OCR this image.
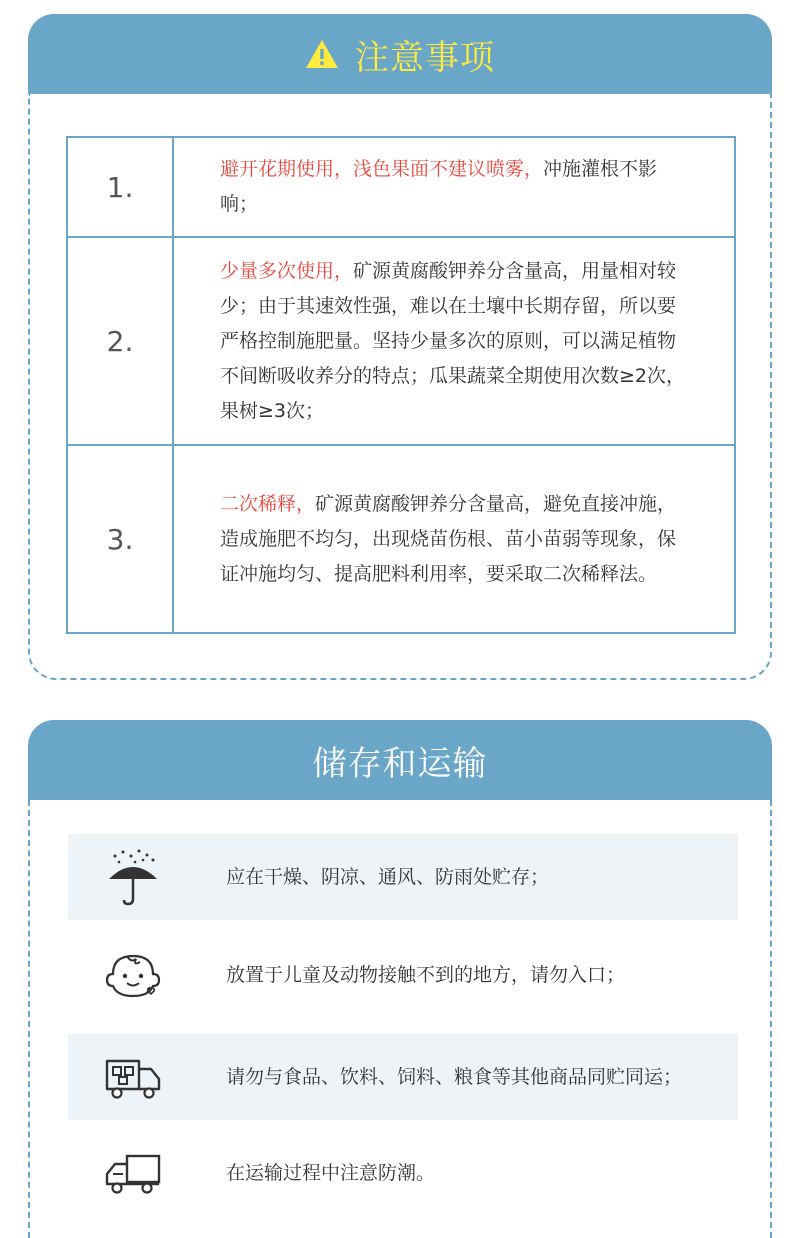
注意事项
1.	避开花期使用，浅色果面不建议喷雾，冲施灌根不影响；
2.	少量多次使用，矿源黄腐酸钾养分含量高，用量相对较少；由于其速效性强，难以在土壤中长期存留，所以要严格控制施肥量。坚持少量多次的原则，可以满足植物不间断吸收养分的特点；瓜果蔬菜全期使用次数≥2次，果树≥3次；
3.	二次稀释，矿源黄腐酸钾养分含量高，避免直接冲施，造成施肥不均匀，出现烧苗伤根、苗小苗弱等现象，保证冲施均匀、提高肥料利用率，要采取二次稀释法。
储存和运输
应在干燥、阴凉、通风、防雨处贮存；
放置于儿童及动物接触不到的地方，请勿入口；
请勿与食品、饮料、饲料、粮食等其他商品同贮同运；
在运输过程中注意防潮。
